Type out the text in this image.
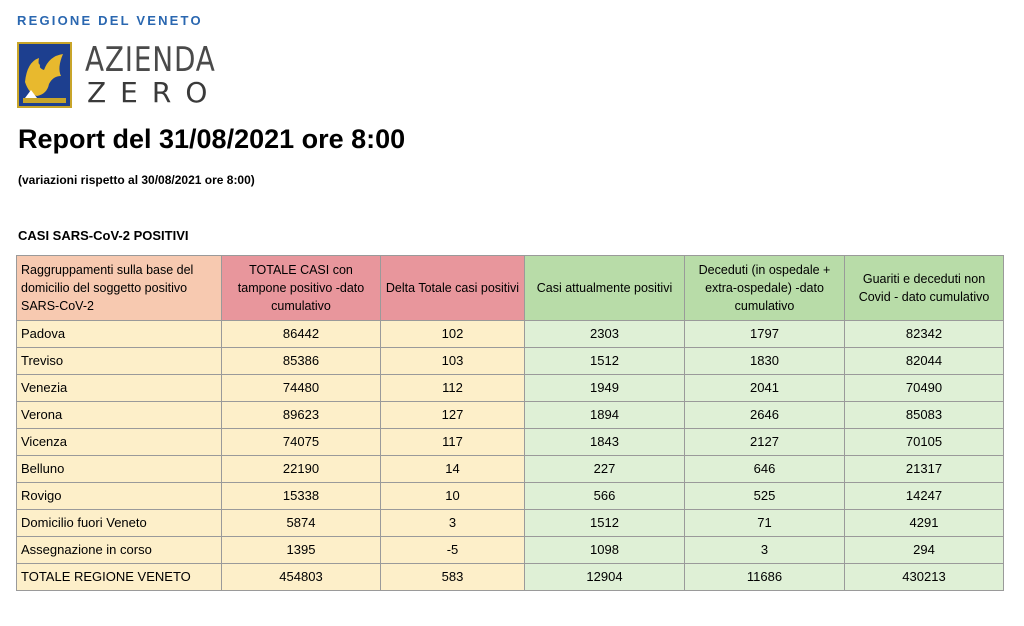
REGIONE DEL VENETO
AZIENDA
ZERO
Report del 31/08/2021 ore 8:00
(variazioni rispetto al 30/08/2021 ore 8:00)
CASI SARS-CoV-2 POSITIVI
Raggruppamenti sulla base del domicilio del soggetto positivo SARS-CoV-2	TOTALE CASI con tampone positivo -dato cumulativo	Delta Totale casi positivi	Casi attualmente positivi	Deceduti (in ospedale + extra-ospedale) -dato cumulativo	Guariti e deceduti non Covid - dato cumulativo
Padova	86442	102	2303	1797	82342
Treviso	85386	103	1512	1830	82044
Venezia	74480	112	1949	2041	70490
Verona	89623	127	1894	2646	85083
Vicenza	74075	117	1843	2127	70105
Belluno	22190	14	227	646	21317
Rovigo	15338	10	566	525	14247
Domicilio fuori Veneto	5874	3	1512	71	4291
Assegnazione in corso	1395	-5	1098	3	294
TOTALE REGIONE VENETO	454803	583	12904	11686	430213
